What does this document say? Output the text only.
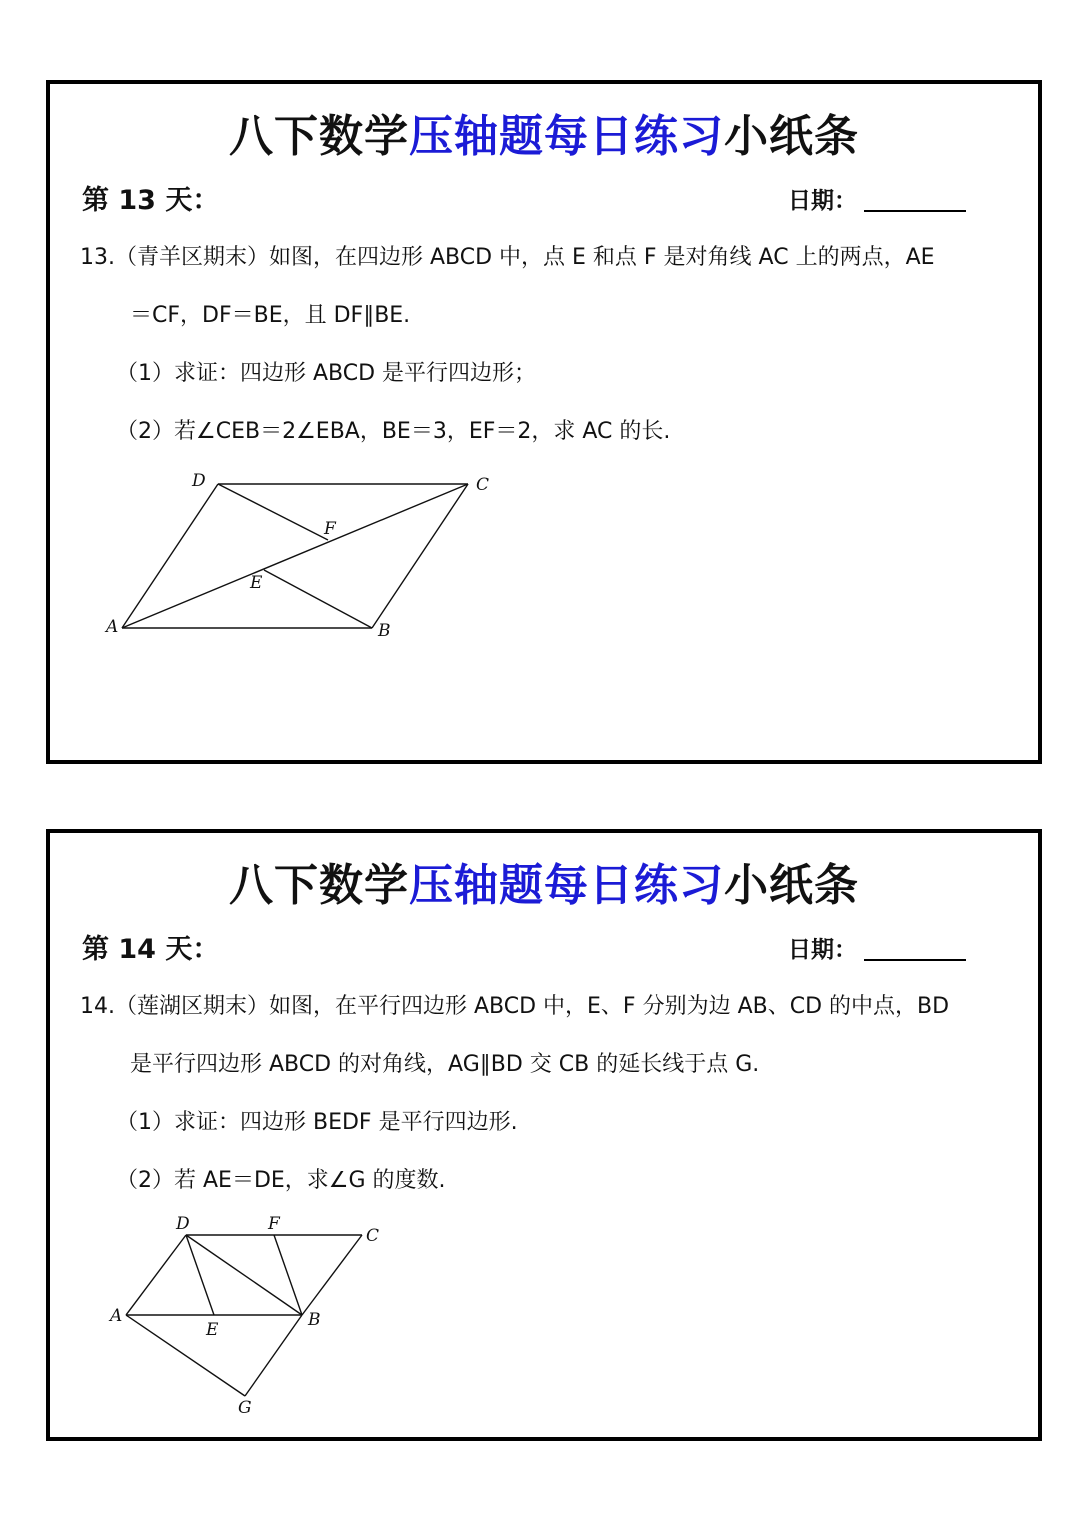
八下数学压轴题每日练习小纸条
第 13 天：	日期：
13.（青羊区期末）如图，在四边形 ABCD 中，点 E 和点 F 是对角线 AC 上的两点，AE
＝CF，DF＝BE，且 DF∥BE.
（1）求证：四边形 ABCD 是平行四边形；
（2）若∠CEB＝2∠EBA，BE＝3，EF＝2，求 AC 的长.
A	B
C
D
E
F
八下数学压轴题每日练习小纸条
第 14 天：	日期：
14.（莲湖区期末）如图，在平行四边形 ABCD 中，E、F 分别为边 AB、CD 的中点，BD
是平行四边形 ABCD 的对角线，AG∥BD 交 CB 的延长线于点 G.
（1）求证：四边形 BEDF 是平行四边形.
（2）若 AE＝DE，求∠G 的度数.
A	B
C
D
E
F
G
